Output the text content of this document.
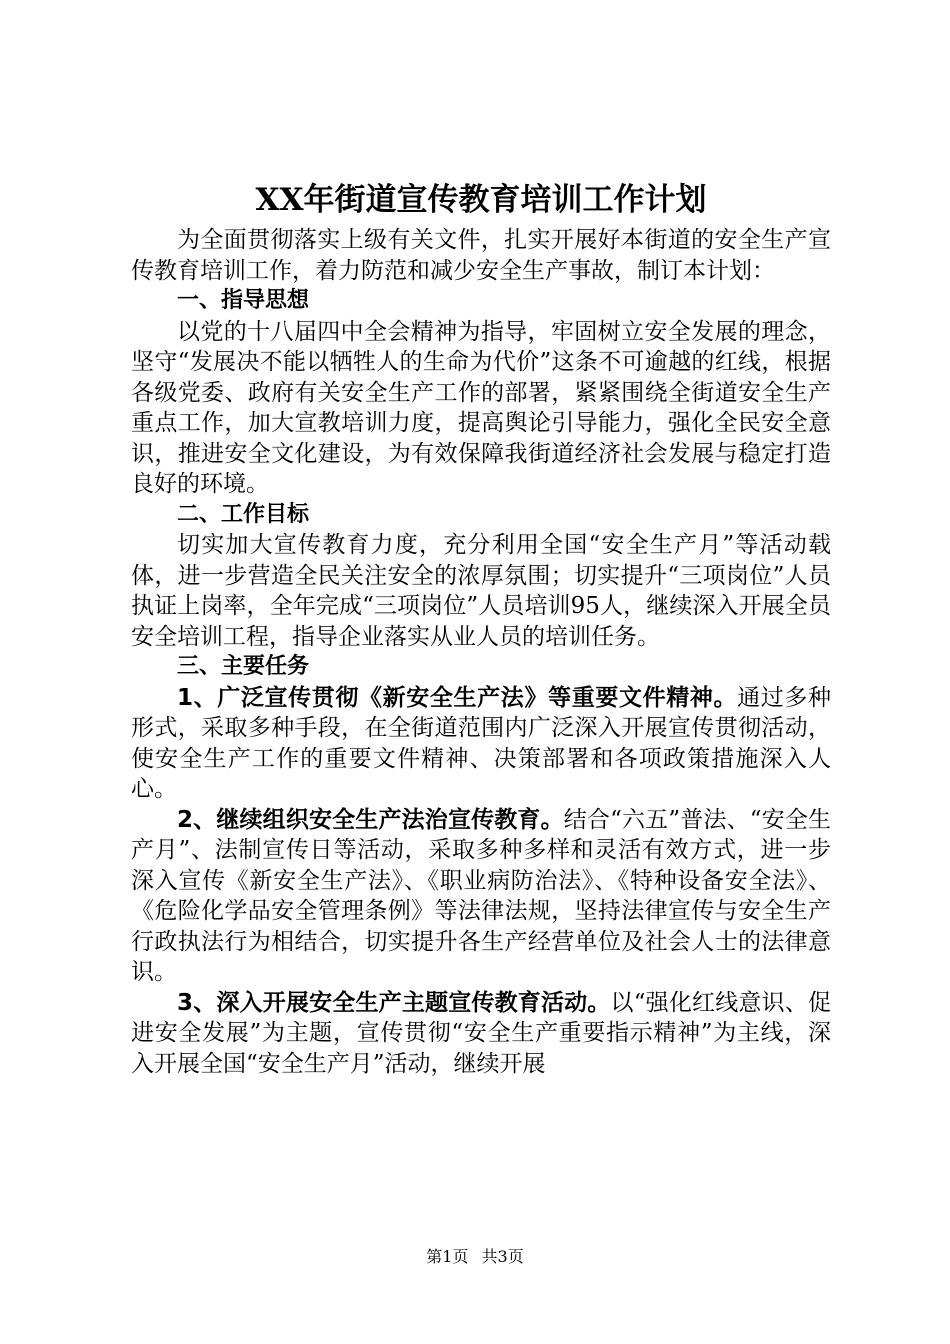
XX年街道宣传教育培训工作计划

为全面贯彻落实上级有关文件，扎实开展好本街道的安全生产宣传教育培训工作，着力防范和减少安全生产事故，制订本计划：

一、指导思想

以党的十八届四中全会精神为指导，牢固树立安全发展的理念，坚守“发展决不能以牺牲人的生命为代价”这条不可逾越的红线，根据各级党委、政府有关安全生产工作的部署，紧紧围绕全街道安全生产重点工作，加大宣教培训力度，提高舆论引导能力，强化全民安全意识，推进安全文化建设，为有效保障我街道经济社会发展与稳定打造良好的环境。

二、工作目标

切实加大宣传教育力度，充分利用全国“安全生产月”等活动载体，进一步营造全民关注安全的浓厚氛围；切实提升“三项岗位”人员执证上岗率，全年完成“三项岗位”人员培训95人，继续深入开展全员安全培训工程，指导企业落实从业人员的培训任务。

三、主要任务

1、广泛宣传贯彻《新安全生产法》等重要文件精神。通过多种形式，采取多种手段，在全街道范围内广泛深入开展宣传贯彻活动，使安全生产工作的重要文件精神、决策部署和各项政策措施深入人心。

2、继续组织安全生产法治宣传教育。结合“六五”普法、“安全生产月”、法制宣传日等活动，采取多种多样和灵活有效方式，进一步深入宣传《新安全生产法》、《职业病防治法》、《特种设备安全法》、《危险化学品安全管理条例》等法律法规，坚持法律宣传与安全生产行政执法行为相结合，切实提升各生产经营单位及社会人士的法律意识。

3、深入开展安全生产主题宣传教育活动。以“强化红线意识、促进安全发展”为主题，宣传贯彻“安全生产重要指示精神”为主线，深入开展全国“安全生产月”活动，继续开展

第1页 共3页
